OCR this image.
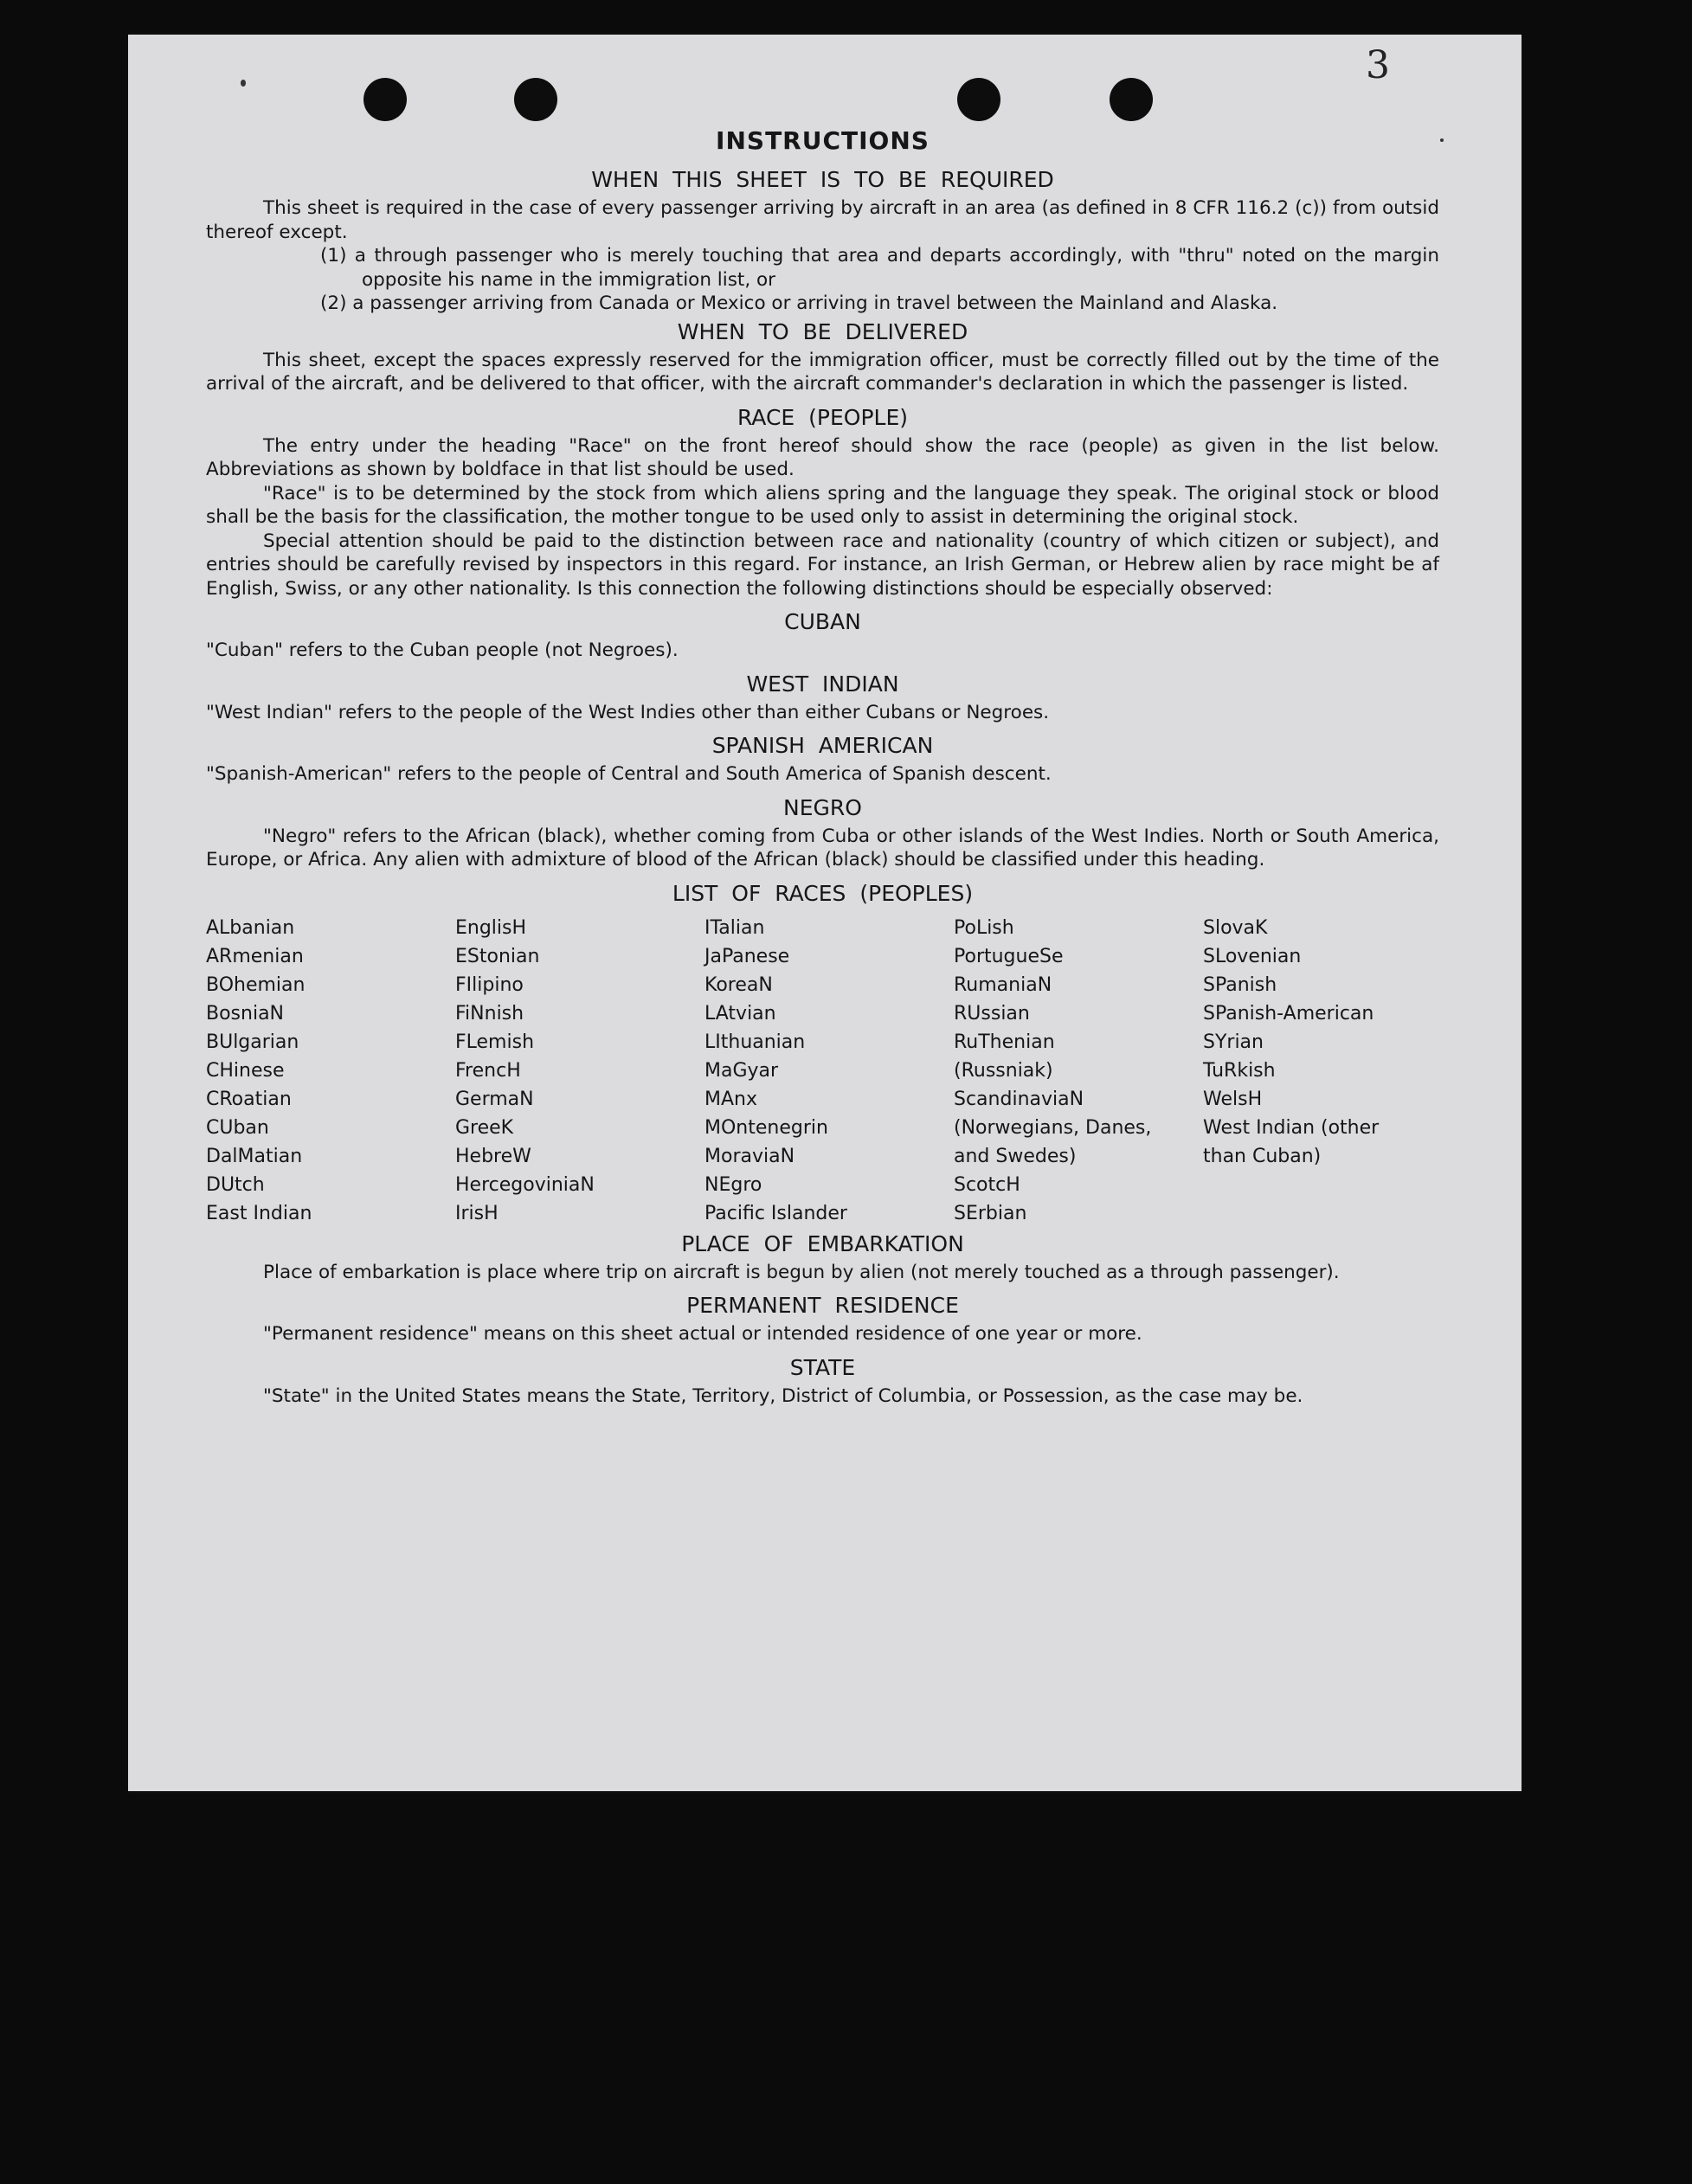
3
INSTRUCTIONS
WHEN THIS SHEET IS TO BE REQUIRED

This sheet is required in the case of every passenger arriving by aircraft in an area (as defined in 8 CFR 116.2 (c)) from outsid thereof except.

(1) a through passenger who is merely touching that area and departs accordingly, with "thru" noted on the margin opposite his name in the immigration list, or
(2) a passenger arriving from Canada or Mexico or arriving in travel between the Mainland and Alaska.
WHEN TO BE DELIVERED

This sheet, except the spaces expressly reserved for the immigration officer, must be correctly filled out by the time of the arrival of the aircraft, and be delivered to that officer, with the aircraft commander's declaration in which the passenger is listed.

RACE (PEOPLE)

The entry under the heading "Race" on the front hereof should show the race (people) as given in the list below. Abbreviations as shown by boldface in that list should be used.

"Race" is to be determined by the stock from which aliens spring and the language they speak. The original stock or blood shall be the basis for the classification, the mother tongue to be used only to assist in determining the original stock.

Special attention should be paid to the distinction between race and nationality (country of which citizen or subject), and entries should be carefully revised by inspectors in this regard. For instance, an Irish German, or Hebrew alien by race might be af English, Swiss, or any other nationality. Is this connection the following distinctions should be especially observed:

CUBAN

"Cuban" refers to the Cuban people (not Negroes).

WEST INDIAN

"West Indian" refers to the people of the West Indies other than either Cubans or Negroes.

SPANISH AMERICAN

"Spanish-American" refers to the people of Central and South America of Spanish descent.

NEGRO

"Negro" refers to the African (black), whether coming from Cuba or other islands of the West Indies. North or South America, Europe, or Africa. Any alien with admixture of blood of the African (black) should be classified under this heading.

LIST OF RACES (PEOPLES)
ALbanian
ARmenian
BOhemian
BosniaN
BUlgarian
CHinese
CRoatian
CUban
DalMatian
DUtch
East Indian
EnglisH
EStonian
FIlipino
FiNnish
FLemish
FrencH
GermaN
GreeK
HebreW
HercegoviniaN
IrisH
ITalian
JaPanese
KoreaN
LAtvian
LIthuanian
MaGyar
MAnx
MOntenegrin
MoraviaN
NEgro
Pacific Islander
PoLish
PortugueSe
RumaniaN
RUssian
RuThenian (Russniak)
ScandinaviaN (Norwegians, Danes, and Swedes)
ScotcH
SErbian
SlovaK
SLovenian
SPanish
SPanish-American
SYrian
TuRkish
WelsH
West Indian (other than Cuban)
PLACE OF EMBARKATION

Place of embarkation is place where trip on aircraft is begun by alien (not merely touched as a through passenger).

PERMANENT RESIDENCE

"Permanent residence" means on this sheet actual or intended residence of one year or more.

STATE

"State" in the United States means the State, Territory, District of Columbia, or Possession, as the case may be.
